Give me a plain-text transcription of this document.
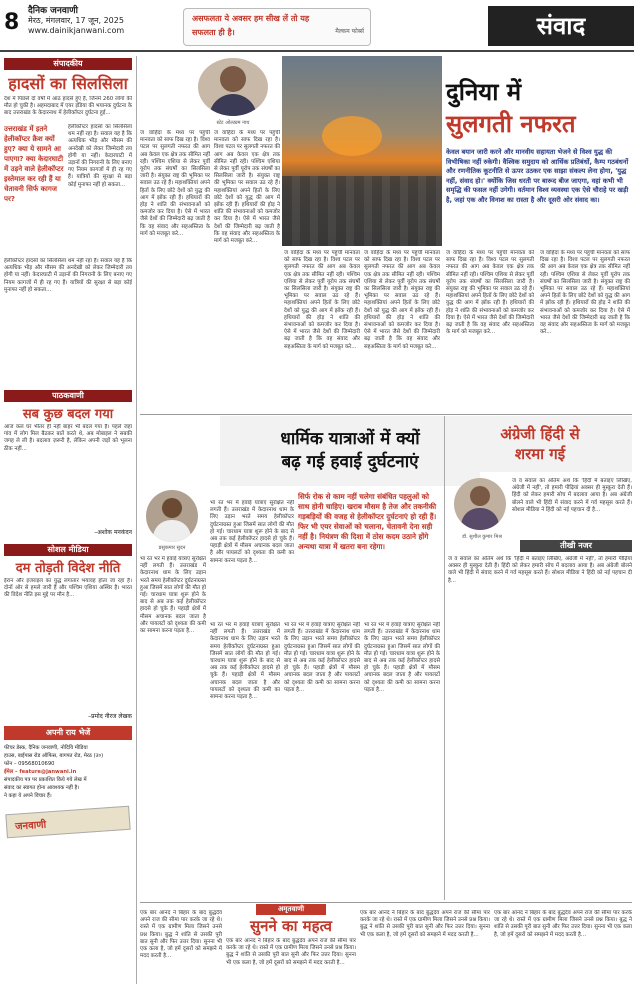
8 दैनिक जनवाणी
मेरठ, मंगलवार, 17 जून, 2025
www.dainikjanwani.com
असफलता ये अवसर हम सीख लें तो यह
सफलता ही है।	मैल्कम फोर्ब्स	संवाद
संपादकीय
हादसों का सिलसिला
देश में पिछले दो वर्षों में आठ हादसे हुए हैं, जिनमें 260 लोगों की मौत हो चुकी है। अहमदाबाद में एयर इंडिया की भयानक दुर्घटना के बाद उत्तराखंड के केदारनाथ में हेलीकॉप्टर दुर्घटना हुई...
उत्तराखंड में इतने हेलीकॉप्टर क्रैश क्यों हुए? क्या ये सामने आ पाएगा? क्या केदारघाटी में उड़ने वाले हेलीकॉप्टर इस्तेमाल कर रही हैं या चेतावनी सिर्फ कागज पर?
हेलीकॉप्टर हादसों का सिलसिला थम नहीं रहा है। सवाल यह है कि अत्यधिक भीड़ और मौसम की अनदेखी को लेकर जिम्मेदारी तय होगी या नहीं। केदारघाटी में उड़ानों की निगरानी के लिए बनाए गए नियम कागजों में ही रह गए हैं। यात्रियों की सुरक्षा से बड़ा कोई मुनाफा नहीं हो सकता...
हेलीकॉप्टर हादसों का सिलसिला थम नहीं रहा है। सवाल यह है कि अत्यधिक भीड़ और मौसम की अनदेखी को लेकर जिम्मेदारी तय होगी या नहीं। केदारघाटी में उड़ानों की निगरानी के लिए बनाए गए नियम कागजों में ही रह गए हैं। यात्रियों की सुरक्षा से बड़ा कोई मुनाफा नहीं हो सकता...
पाठकवाणी
सब कुछ बदल गया
आज कल घर भीतर ही नहीं बाहर भी बदल गया है। पहले जहां गांव में लोग मिल बैठकर बातें करते थे, अब मोबाइल ने सबकी जगह ले ली है। बदलाव ज़रूरी है, लेकिन अपनी जड़ों को भूलना ठीक नहीं...
–अशोक मनकंदन
सोशल मीडिया
दम तोड़ती विदेश नीति
ईरान और इजराइल का युद्ध लगातार भयावह होता जा रहा है। दोनों ओर से हमले जारी हैं और पश्चिम एशिया अस्थिर है। भारत की विदेश नीति इस मुद्दे पर मौन है...
–प्रमोद नीरज लेखक
अपनी राय भेजें
फीचर डेस्क, दैनिक जनवाणी, नोदियि मीडिया
हाउस, बाईपास रोड ऑफिस, बागपत रोड, मेरठ (उ०)
फोन – 09568010690
ईमेल – feature@janwani.in
संपादकीय पत्र पर प्रकाशित किये गये लेख में
संवाद का स्वागत होना आवश्यक नहीं है।
ने कहा ये अपने विचार हैं।
जनवाणी
स्टेट ओल्ट्यम नाथ
दुनिया में
सुलगती नफरत
केवल बयान जारी करने और मानवीय सहायता भेजने से विश्व युद्ध की विभीषिका नहीं रुकेगी। वैश्विक समुदाय को आर्थिक प्रतिबंधों, कैम्प गठबंधनों और रणनीतिक कूटनीति से ऊपर उठकर एक साझा संकल्प लेना होगा, 'युद्ध नहीं, संवाद हो।' क्योंकि जिस धरती पर बारूद बीज जाएगा, वहां कभी भी समृद्धि की फसल नहीं उगेगी। वर्तमान विश्व व्यवस्था एक ऐसे चौराहे पर खड़ी है, जहां एक और विनाश का रास्ता है और दूसरी ओर संवाद का।
ज वाहिदा के मध्य पर पहुंची मानवता को साफ दिख रहा है। विश्व पटल पर सुलगती नफरत की आग अब केवल एक क्षेत्र तक सीमित नहीं रही। पश्चिम एशिया से लेकर पूर्वी यूरोप तक संघर्षों का सिलसिला जारी है। संयुक्त राष्ट्र की भूमिका पर सवाल उठ रहे हैं। महाशक्तियां अपने हितों के लिए छोटे देशों को युद्ध की आग में झोंक रही हैं। हथियारों की होड़ ने शांति की संभावनाओं को कमजोर कर दिया है। ऐसे में भारत जैसे देशों की जिम्मेदारी बढ़ जाती है कि वह संवाद और सहअस्तित्व के मार्ग को मजबूत करे...
ज वाहिदा के मध्य पर पहुंची मानवता को साफ दिख रहा है। विश्व पटल पर सुलगती नफरत की आग अब केवल एक क्षेत्र तक सीमित नहीं रही। पश्चिम एशिया से लेकर पूर्वी यूरोप तक संघर्षों का सिलसिला जारी है। संयुक्त राष्ट्र की भूमिका पर सवाल उठ रहे हैं। महाशक्तियां अपने हितों के लिए छोटे देशों को युद्ध की आग में झोंक रही हैं। हथियारों की होड़ ने शांति की संभावनाओं को कमजोर कर दिया है। ऐसे में भारत जैसे देशों की जिम्मेदारी बढ़ जाती है कि वह संवाद और सहअस्तित्व के मार्ग को मजबूत करे...
ज वाहिदा के मध्य पर पहुंची मानवता को साफ दिख रहा है। विश्व पटल पर सुलगती नफरत की आग अब केवल एक क्षेत्र तक सीमित नहीं रही। पश्चिम एशिया से लेकर पूर्वी यूरोप तक संघर्षों का सिलसिला जारी है। संयुक्त राष्ट्र की भूमिका पर सवाल उठ रहे हैं। महाशक्तियां अपने हितों के लिए छोटे देशों को युद्ध की आग में झोंक रही हैं। हथियारों की होड़ ने शांति की संभावनाओं को कमजोर कर दिया है। ऐसे में भारत जैसे देशों की जिम्मेदारी बढ़ जाती है कि वह संवाद और सहअस्तित्व के मार्ग को मजबूत करे...
ज वाहिदा के मध्य पर पहुंची मानवता को साफ दिख रहा है। विश्व पटल पर सुलगती नफरत की आग अब केवल एक क्षेत्र तक सीमित नहीं रही। पश्चिम एशिया से लेकर पूर्वी यूरोप तक संघर्षों का सिलसिला जारी है। संयुक्त राष्ट्र की भूमिका पर सवाल उठ रहे हैं। महाशक्तियां अपने हितों के लिए छोटे देशों को युद्ध की आग में झोंक रही हैं। हथियारों की होड़ ने शांति की संभावनाओं को कमजोर कर दिया है। ऐसे में भारत जैसे देशों की जिम्मेदारी बढ़ जाती है कि वह संवाद और सहअस्तित्व के मार्ग को मजबूत करे...
ज वाहिदा के मध्य पर पहुंची मानवता को साफ दिख रहा है। विश्व पटल पर सुलगती नफरत की आग अब केवल एक क्षेत्र तक सीमित नहीं रही। पश्चिम एशिया से लेकर पूर्वी यूरोप तक संघर्षों का सिलसिला जारी है। संयुक्त राष्ट्र की भूमिका पर सवाल उठ रहे हैं। महाशक्तियां अपने हितों के लिए छोटे देशों को युद्ध की आग में झोंक रही हैं। हथियारों की होड़ ने शांति की संभावनाओं को कमजोर कर दिया है। ऐसे में भारत जैसे देशों की जिम्मेदारी बढ़ जाती है कि वह संवाद और सहअस्तित्व के मार्ग को मजबूत करे...
ज वाहिदा के मध्य पर पहुंची मानवता को साफ दिख रहा है। विश्व पटल पर सुलगती नफरत की आग अब केवल एक क्षेत्र तक सीमित नहीं रही। पश्चिम एशिया से लेकर पूर्वी यूरोप तक संघर्षों का सिलसिला जारी है। संयुक्त राष्ट्र की भूमिका पर सवाल उठ रहे हैं। महाशक्तियां अपने हितों के लिए छोटे देशों को युद्ध की आग में झोंक रही हैं। हथियारों की होड़ ने शांति की संभावनाओं को कमजोर कर दिया है। ऐसे में भारत जैसे देशों की जिम्मेदारी बढ़ जाती है कि वह संवाद और सहअस्तित्व के मार्ग को मजबूत करे...
धार्मिक यात्राओं में क्यों
बढ़ गई हवाई दुर्घटनाएं
प्रसुकमार सुदन
सिर्फ रोक से काम नहीं चलेगा संबंधित पहलुओं को साथ होनी चाहिए। खराब मौसम है तेज और तकनीकी गड़बड़ियों की वजह से हेलीकॉप्टर दुर्घटनाएं हो रही हैं। फिर भी एयर सेवाओं को चलाना, चेतावनी देना सही नहीं है। नियंत्रण की दिशा में ठोस कदम उठाने होंगे अन्यथा यात्रा में खतरा बना रहेगा।
भा रत भर में हवाई यात्राएं सुरक्षित नहीं लगती हैं। उत्तराखंड में केदारनाथ धाम के लिए उड़ान भरते समय हेलीकॉप्टर दुर्घटनाग्रस्त हुआ जिसमें सात लोगों की मौत हो गई। चारधाम यात्रा शुरू होने के बाद से अब तक कई हेलीकॉप्टर हादसे हो चुके हैं। पहाड़ी क्षेत्रों में मौसम अचानक बदल जाता है और पायलटों को दृश्यता की कमी का सामना करना पड़ता है...
भा रत भर में हवाई यात्राएं सुरक्षित नहीं लगती हैं। उत्तराखंड में केदारनाथ धाम के लिए उड़ान भरते समय हेलीकॉप्टर दुर्घटनाग्रस्त हुआ जिसमें सात लोगों की मौत हो गई। चारधाम यात्रा शुरू होने के बाद से अब तक कई हेलीकॉप्टर हादसे हो चुके हैं। पहाड़ी क्षेत्रों में मौसम अचानक बदल जाता है और पायलटों को दृश्यता की कमी का सामना करना पड़ता है...
भा रत भर में हवाई यात्राएं सुरक्षित नहीं लगती हैं। उत्तराखंड में केदारनाथ धाम के लिए उड़ान भरते समय हेलीकॉप्टर दुर्घटनाग्रस्त हुआ जिसमें सात लोगों की मौत हो गई। चारधाम यात्रा शुरू होने के बाद से अब तक कई हेलीकॉप्टर हादसे हो चुके हैं। पहाड़ी क्षेत्रों में मौसम अचानक बदल जाता है और पायलटों को दृश्यता की कमी का सामना करना पड़ता है...
भा रत भर में हवाई यात्राएं सुरक्षित नहीं लगती हैं। उत्तराखंड में केदारनाथ धाम के लिए उड़ान भरते समय हेलीकॉप्टर दुर्घटनाग्रस्त हुआ जिसमें सात लोगों की मौत हो गई। चारधाम यात्रा शुरू होने के बाद से अब तक कई हेलीकॉप्टर हादसे हो चुके हैं। पहाड़ी क्षेत्रों में मौसम अचानक बदल जाता है और पायलटों को दृश्यता की कमी का सामना करना पड़ता है...
भा रत भर में हवाई यात्राएं सुरक्षित नहीं लगती हैं। उत्तराखंड में केदारनाथ धाम के लिए उड़ान भरते समय हेलीकॉप्टर दुर्घटनाग्रस्त हुआ जिसमें सात लोगों की मौत हो गई। चारधाम यात्रा शुरू होने के बाद से अब तक कई हेलीकॉप्टर हादसे हो चुके हैं। पहाड़ी क्षेत्रों में मौसम अचानक बदल जाता है और पायलटों को दृश्यता की कमी का सामना करना पड़ता है...
अंग्रेजी हिंदी से
शरमा गई
डॉ. सुशील कुमार मिश्र
तीखी नजर
ज व सवाल का अंतिम अर्थ कि 'हिंदी में बताइए लिखिए, अंग्रेजी में नहीं', तो हमारी पीढ़ियां अक्सर ही मुस्कुरा देती हैं। हिंदी को लेकर हमारी सोच में बदलाव आया है। अब अंग्रेजी बोलने वाले भी हिंदी में संवाद करने में गर्व महसूस करते हैं। सोशल मीडिया ने हिंदी को नई पहचान दी है...
ज व सवाल का अंतिम अर्थ कि 'हिंदी में बताइए लिखिए, अंग्रेजी में नहीं', तो हमारी पीढ़ियां अक्सर ही मुस्कुरा देती हैं। हिंदी को लेकर हमारी सोच में बदलाव आया है। अब अंग्रेजी बोलने वाले भी हिंदी में संवाद करने में गर्व महसूस करते हैं। सोशल मीडिया ने हिंदी को नई पहचान दी है...
अमृतवाणी
सुनने का महत्व
एक बार आनंद ने बिहार के बाद बुद्धदेव अपने राज की सीमा पार करके जा रहे थे। रास्ते में एक ग्रामीण मिला जिसने उनसे प्रश्न किया। बुद्ध ने शांति से उसकी पूरी बात सुनी और फिर उत्तर दिया। सुनना भी एक कला है, जो हमें दूसरों को समझने में मदद करती है...
एक बार आनंद ने बिहार के बाद बुद्धदेव अपने राज की सीमा पार करके जा रहे थे। रास्ते में एक ग्रामीण मिला जिसने उनसे प्रश्न किया। बुद्ध ने शांति से उसकी पूरी बात सुनी और फिर उत्तर दिया। सुनना भी एक कला है, जो हमें दूसरों को समझने में मदद करती है...
एक बार आनंद ने बिहार के बाद बुद्धदेव अपने राज की सीमा पार करके जा रहे थे। रास्ते में एक ग्रामीण मिला जिसने उनसे प्रश्न किया। बुद्ध ने शांति से उसकी पूरी बात सुनी और फिर उत्तर दिया। सुनना भी एक कला है, जो हमें दूसरों को समझने में मदद करती है...
एक बार आनंद ने बिहार के बाद बुद्धदेव अपने राज की सीमा पार करके जा रहे थे। रास्ते में एक ग्रामीण मिला जिसने उनसे प्रश्न किया। बुद्ध ने शांति से उसकी पूरी बात सुनी और फिर उत्तर दिया। सुनना भी एक कला है, जो हमें दूसरों को समझने में मदद करती है...
